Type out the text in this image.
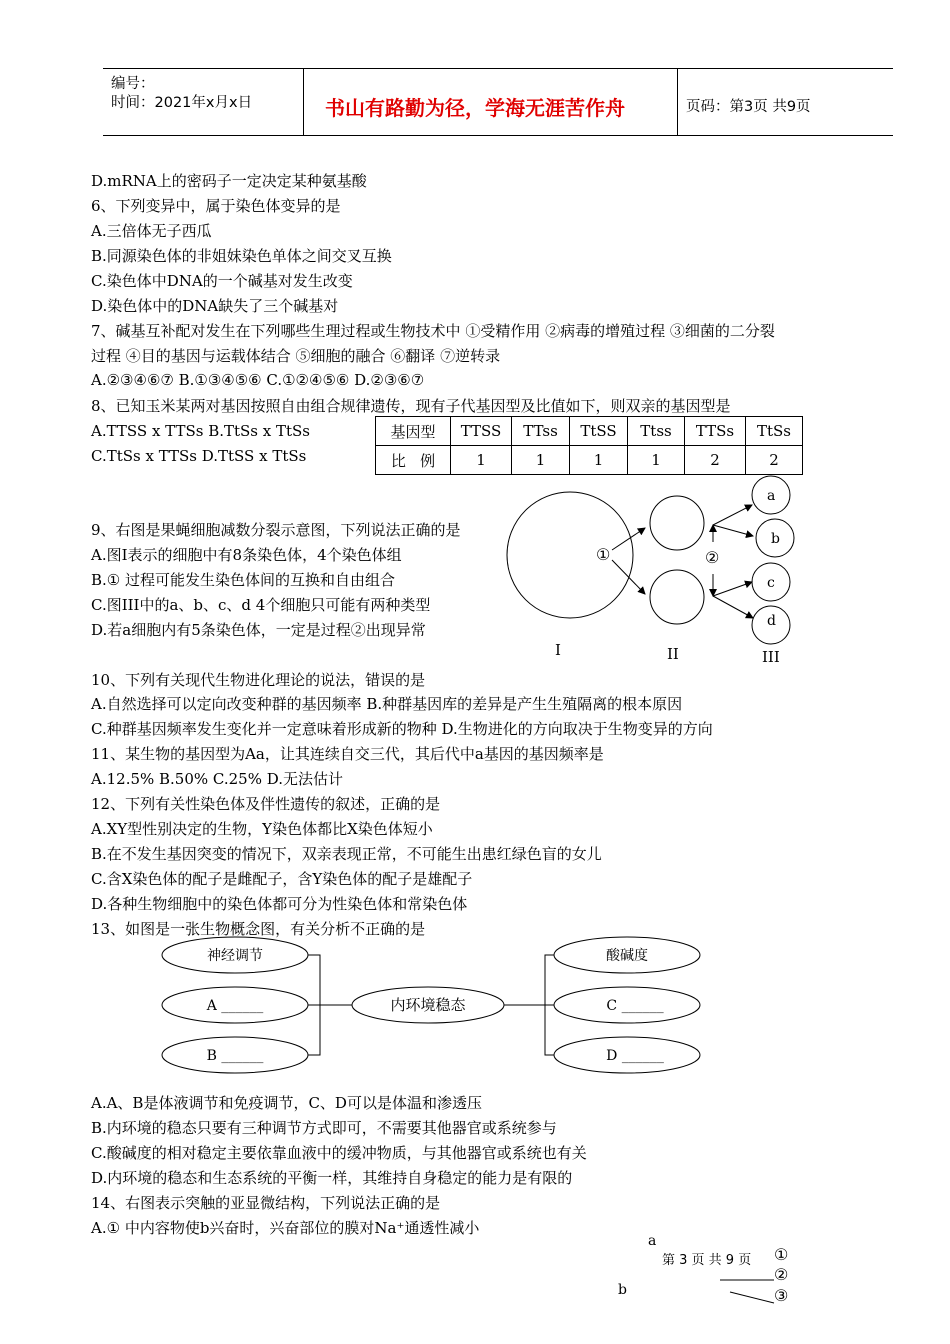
编号：
时间：2021年x月x日	书山有路勤为径，学海无涯苦作舟	页码：第3页 共9页
D.mRNA上的密码子一定决定某种氨基酸
6、下列变异中，属于染色体变异的是
A.三倍体无子西瓜
B.同源染色体的非姐妹染色单体之间交叉互换
C.染色体中DNA的一个碱基对发生改变
D.染色体中的DNA缺失了三个碱基对
7、碱基互补配对发生在下列哪些生理过程或生物技术中 ①受精作用 ②病毒的增殖过程 ③细菌的二分裂
过程 ④目的基因与运载体结合 ⑤细胞的融合 ⑥翻译 ⑦逆转录
A.②③④⑥⑦ B.①③④⑤⑥ C.①②④⑤⑥ D.②③⑥⑦
8、已知玉米某两对基因按照自由组合规律遗传，现有子代基因型及比值如下，则双亲的基因型是
A.TTSS x TTSs B.TtSs x TtSs
C.TtSs x TTSs D.TtSS x TtSs
基因型	TTSS	TTss	TtSS	Ttss	TTSs	TtSs
比   例	1	1	1	1	2	2
9、右图是果蝇细胞减数分裂示意图，下列说法正确的是
A.图I表示的细胞中有8条染色体，4个染色体组
B.① 过程可能发生染色体间的互换和自由组合
C.图III中的a、b、c、d 4个细胞只可能有两种类型
D.若a细胞内有5条染色体，一定是过程②出现异常
①	②
a
b
c
d
I	II	III
10、下列有关现代生物进化理论的说法，错误的是
A.自然选择可以定向改变种群的基因频率 B.种群基因库的差异是产生生殖隔离的根本原因
C.种群基因频率发生变化并一定意味着形成新的物种 D.生物进化的方向取决于生物变异的方向
11、某生物的基因型为Aa，让其连续自交三代，其后代中a基因的基因频率是
A.12.5% B.50% C.25% D.无法估计
12、下列有关性染色体及伴性遗传的叙述，正确的是
A.XY型性别决定的生物，Y染色体都比X染色体短小
B.在不发生基因突变的情况下，双亲表现正常，不可能生出患红绿色盲的女儿
C.含X染色体的配子是雌配子，含Y染色体的配子是雄配子
D.各种生物细胞中的染色体都可分为性染色体和常染色体
13、如图是一张生物概念图，有关分析不正确的是
神经调节
A ______
B ______
内环境稳态
酸碱度
C ______
D ______
A.A、B是体液调节和免疫调节，C、D可以是体温和渗透压
B.内环境的稳态只要有三种调节方式即可，不需要其他器官或系统参与
C.酸碱度的相对稳定主要依靠血液中的缓冲物质，与其他器官或系统也有关
D.内环境的稳态和生态系统的平衡一样，其维持自身稳定的能力是有限的
14、右图表示突触的亚显微结构，下列说法正确的是
A.① 中内容物使b兴奋时，兴奋部位的膜对Na⁺通透性减小
a
第 3 页 共 9 页 ①
②
③
b
